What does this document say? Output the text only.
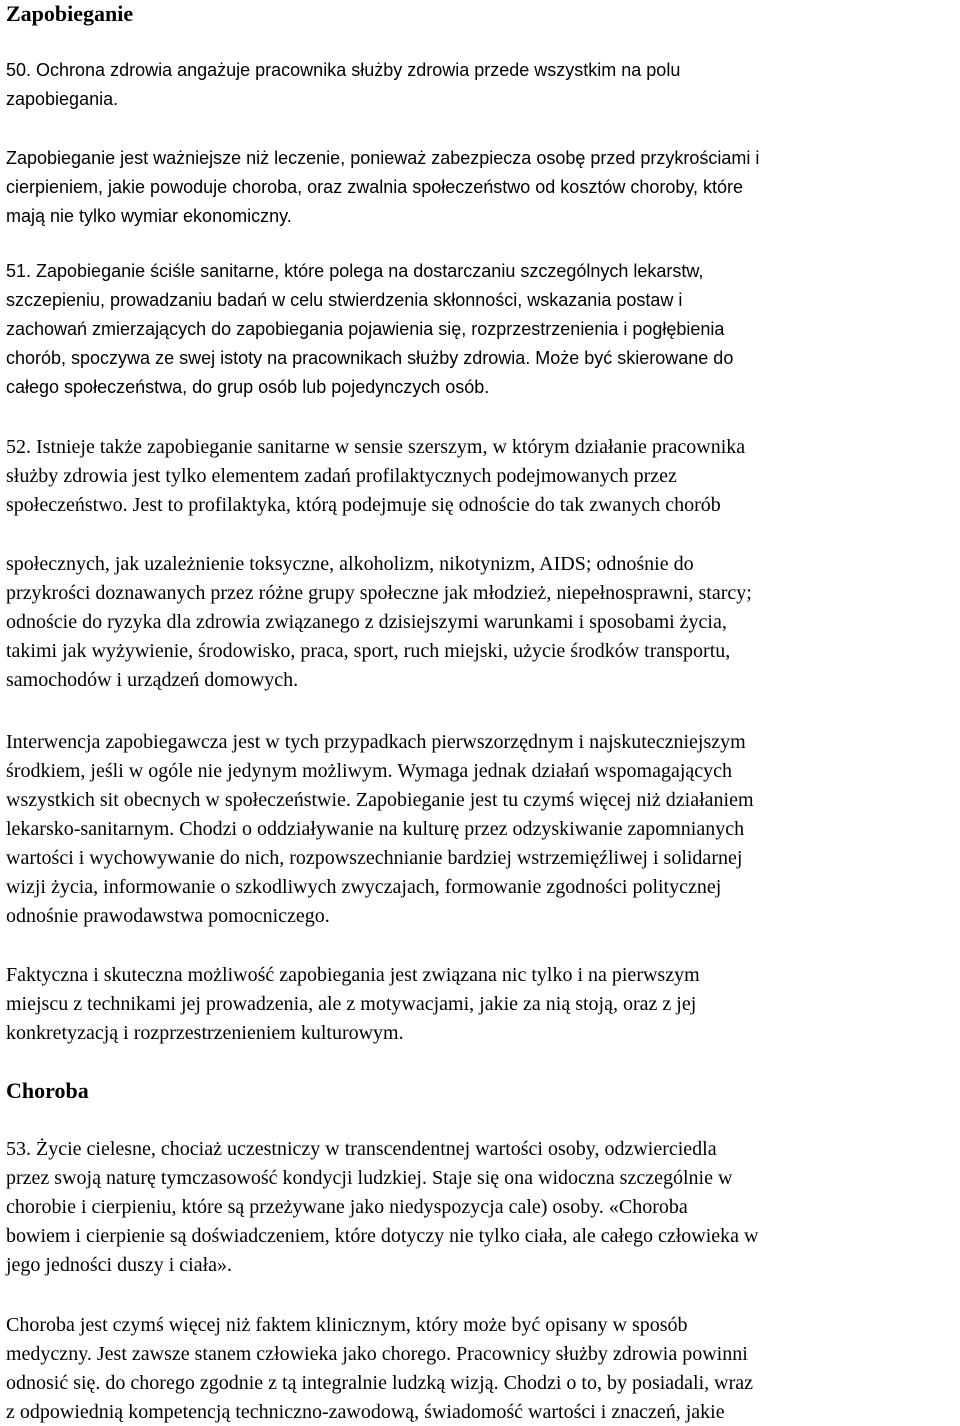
Zapobieganie
50. Ochrona zdrowia angażuje pracownika służby zdrowia przede wszystkim na polu
zapobiegania.
Zapobieganie jest ważniejsze niż leczenie, ponieważ zabezpiecza osobę przed przykrościami i
cierpieniem, jakie powoduje choroba, oraz zwalnia społeczeństwo od kosztów choroby, które
mają nie tylko wymiar ekonomiczny.
51. Zapobieganie ściśle sanitarne, które polega na dostarczaniu szczególnych lekarstw,
szczepieniu, prowadzaniu badań w celu stwierdzenia skłonności, wskazania postaw i
zachowań zmierzających do zapobiegania pojawienia się, rozprzestrzenienia i pogłębienia
chorób, spoczywa ze swej istoty na pracownikach służby zdrowia. Może być skierowane do
całego społeczeństwa, do grup osób lub pojedynczych osób.
52. Istnieje także zapobieganie sanitarne w sensie szerszym, w którym działanie pracownika
służby zdrowia jest tylko elementem zadań profilaktycznych podejmowanych przez
społeczeństwo. Jest to profilaktyka, którą podejmuje się odnoście do tak zwanych chorób
społecznych, jak uzależnienie toksyczne, alkoholizm, nikotynizm, AIDS; odnośnie do
przykrości doznawanych przez różne grupy społeczne jak młodzież, niepełnosprawni, starcy;
odnoście do ryzyka dla zdrowia związanego z dzisiejszymi warunkami i sposobami życia,
takimi jak wyżywienie, środowisko, praca, sport, ruch miejski, użycie środków transportu,
samochodów i urządzeń domowych.
Interwencja zapobiegawcza jest w tych przypadkach pierwszorzędnym i najskuteczniejszym
środkiem, jeśli w ogóle nie jedynym możliwym. Wymaga jednak działań wspomagających
wszystkich sit obecnych w społeczeństwie. Zapobieganie jest tu czymś więcej niż działaniem
lekarsko-sanitarnym. Chodzi o oddziaływanie na kulturę przez odzyskiwanie zapomnianych
wartości i wychowywanie do nich, rozpowszechnianie bardziej wstrzemięźliwej i solidarnej
wizji życia, informowanie o szkodliwych zwyczajach, formowanie zgodności politycznej
odnośnie prawodawstwa pomocniczego.
Faktyczna i skuteczna możliwość zapobiegania jest związana nic tylko i na pierwszym
miejscu z technikami jej prowadzenia, ale z motywacjami, jakie za nią stoją, oraz z jej
konkretyzacją i rozprzestrzenieniem kulturowym.
Choroba
53. Życie cielesne, chociaż uczestniczy w transcendentnej wartości osoby, odzwierciedla
przez swoją naturę tymczasowość kondycji ludzkiej. Staje się ona widoczna szczególnie w
chorobie i cierpieniu, które są przeżywane jako niedyspozycja cale) osoby. «Choroba
bowiem i cierpienie są doświadczeniem, które dotyczy nie tylko ciała, ale całego człowieka w
jego jedności duszy i ciała».
Choroba jest czymś więcej niż faktem klinicznym, który może być opisany w sposób
medyczny. Jest zawsze stanem człowieka jako chorego. Pracownicy służby zdrowia powinni
odnosić się. do chorego zgodnie z tą integralnie ludzką wizją. Chodzi o to, by posiadali, wraz
z odpowiednią kompetencją techniczno-zawodową, świadomość wartości i znaczeń, jakie
